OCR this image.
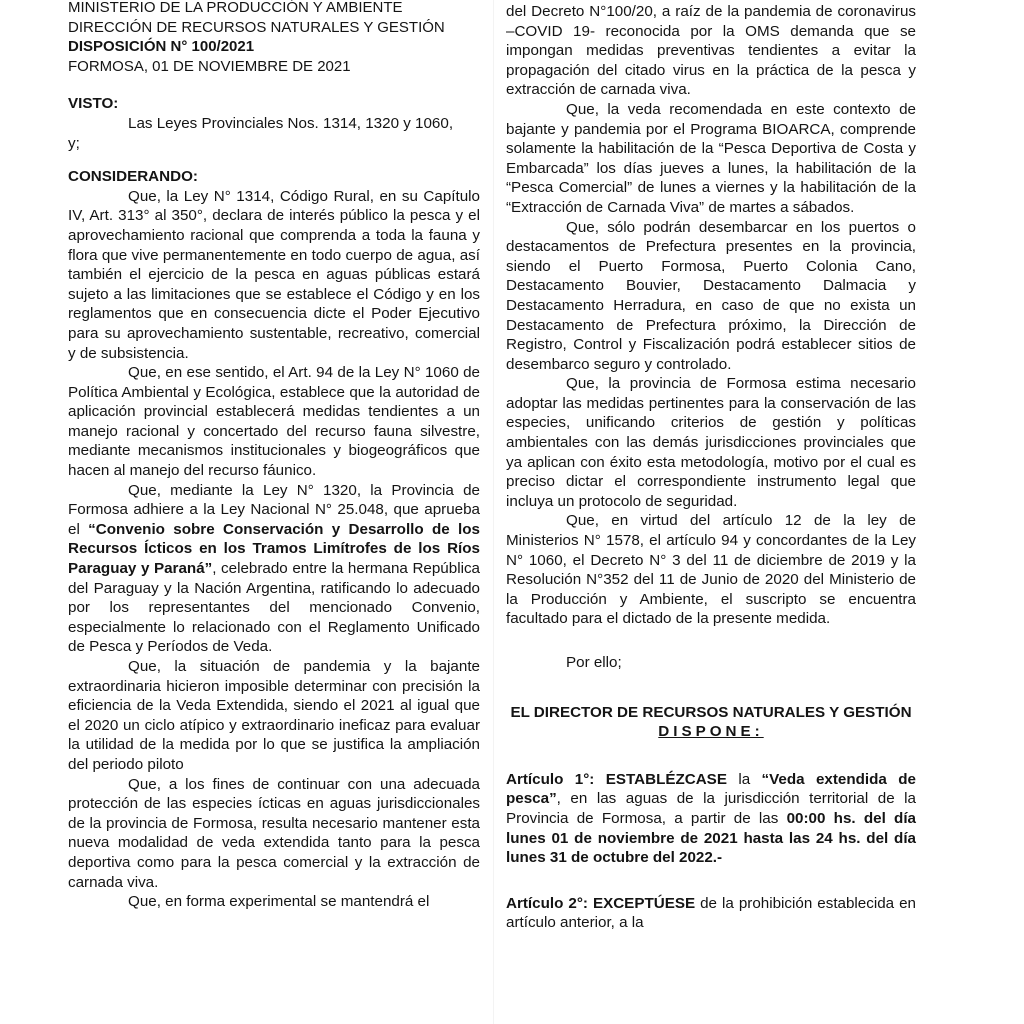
MINISTERIO DE LA PRODUCCIÓN Y AMBIENTE
DIRECCIÓN DE RECURSOS NATURALES Y GESTIÓN
DISPOSICIÓN N° 100/2021
FORMOSA, 01 DE NOVIEMBRE DE 2021
VISTO:

Las Leyes Provinciales Nos. 1314, 1320 y 1060,

y;

CONSIDERANDO:

Que, la Ley N° 1314, Código Rural, en su Capítulo IV, Art. 313° al 350°, declara de interés público la pesca y el aprovechamiento racional que comprenda a toda la fauna y flora que vive permanentemente en todo cuerpo de agua, así también el ejercicio de la pesca en aguas públicas estará sujeto a las limitaciones que se establece el Código y en los reglamentos que en consecuencia dicte el Poder Ejecutivo para su aprovechamiento sustentable, recreativo, comercial y de subsistencia.

Que, en ese sentido, el Art. 94 de la Ley N° 1060 de Política Ambiental y Ecológica, establece que la autoridad de aplicación provincial establecerá medidas tendientes a un manejo racional y concertado del recurso fauna silvestre, mediante mecanismos institucionales y biogeográficos que hacen al manejo del recurso fáunico.

Que, mediante la Ley N° 1320, la Provincia de Formosa adhiere a la Ley Nacional N° 25.048, que aprueba el “Convenio sobre Conservación y Desarrollo de los Recursos Ícticos en los Tramos Limítrofes de los Ríos Paraguay y Paraná”, celebrado entre la hermana República del Paraguay y la Nación Argentina, ratificando lo adecuado por los representantes del mencionado Convenio, especialmente lo relacionado con el Reglamento Unificado de Pesca y Períodos de Veda.

Que, la situación de pandemia y la bajante extraordinaria hicieron imposible determinar con precisión la eficiencia de la Veda Extendida, siendo el 2021 al igual que el 2020 un ciclo atípico y extraordinario ineficaz para evaluar la utilidad de la medida por lo que se justifica la ampliación del periodo piloto

Que, a los fines de continuar con una adecuada protección de las especies ícticas en aguas jurisdiccionales de la provincia de Formosa, resulta necesario mantener esta nueva modalidad de veda extendida tanto para la pesca deportiva como para la pesca comercial y la extracción de carnada viva.

Que, en forma experimental se mantendrá el

del Decreto N°100/20, a raíz de la pandemia de coronavirus –COVID 19- reconocida por la OMS demanda que se impongan medidas preventivas tendientes a evitar la propagación del citado virus en la práctica de la pesca y extracción de carnada viva.

Que, la veda recomendada en este contexto de bajante y pandemia por el Programa BIOARCA, comprende solamente la habilitación de la “Pesca Deportiva de Costa y Embarcada” los días jueves a lunes, la habilitación de la “Pesca Comercial” de lunes a viernes y la habilitación de la “Extracción de Carnada Viva” de martes a sábados.

Que, sólo podrán desembarcar en los puertos o destacamentos de Prefectura presentes en la provincia, siendo el Puerto Formosa, Puerto Colonia Cano, Destacamento Bouvier, Destacamento Dalmacia y Destacamento Herradura, en caso de que no exista un Destacamento de Prefectura próximo, la Dirección de Registro, Control y Fiscalización podrá establecer sitios de desembarco seguro y controlado.

Que, la provincia de Formosa estima necesario adoptar las medidas pertinentes para la conservación de las especies, unificando criterios de gestión y políticas ambientales con las demás jurisdicciones provinciales que ya aplican con éxito esta metodología, motivo por el cual es preciso dictar el correspondiente instrumento legal que incluya un protocolo de seguridad.

Que, en virtud del artículo 12 de la ley de Ministerios N° 1578, el artículo 94 y concordantes de la Ley N° 1060, el Decreto N° 3 del 11 de diciembre de 2019 y la Resolución N°352 del 11 de Junio de 2020 del Ministerio de la Producción y Ambiente, el suscripto se encuentra facultado para el dictado de la presente medida.

Por ello;

EL DIRECTOR DE RECURSOS NATURALES Y GESTIÓN
DISPONE:

Artículo 1°: ESTABLÉZCASE la “Veda extendida de pesca”, en las aguas de la jurisdicción territorial de la Provincia de Formosa, a partir de las 00:00 hs. del día lunes 01 de noviembre de 2021 hasta las 24 hs. del día lunes 31 de octubre del 2022.-

Artículo 2°: EXCEPTÚESE de la prohibición establecida en artículo anterior, a la
